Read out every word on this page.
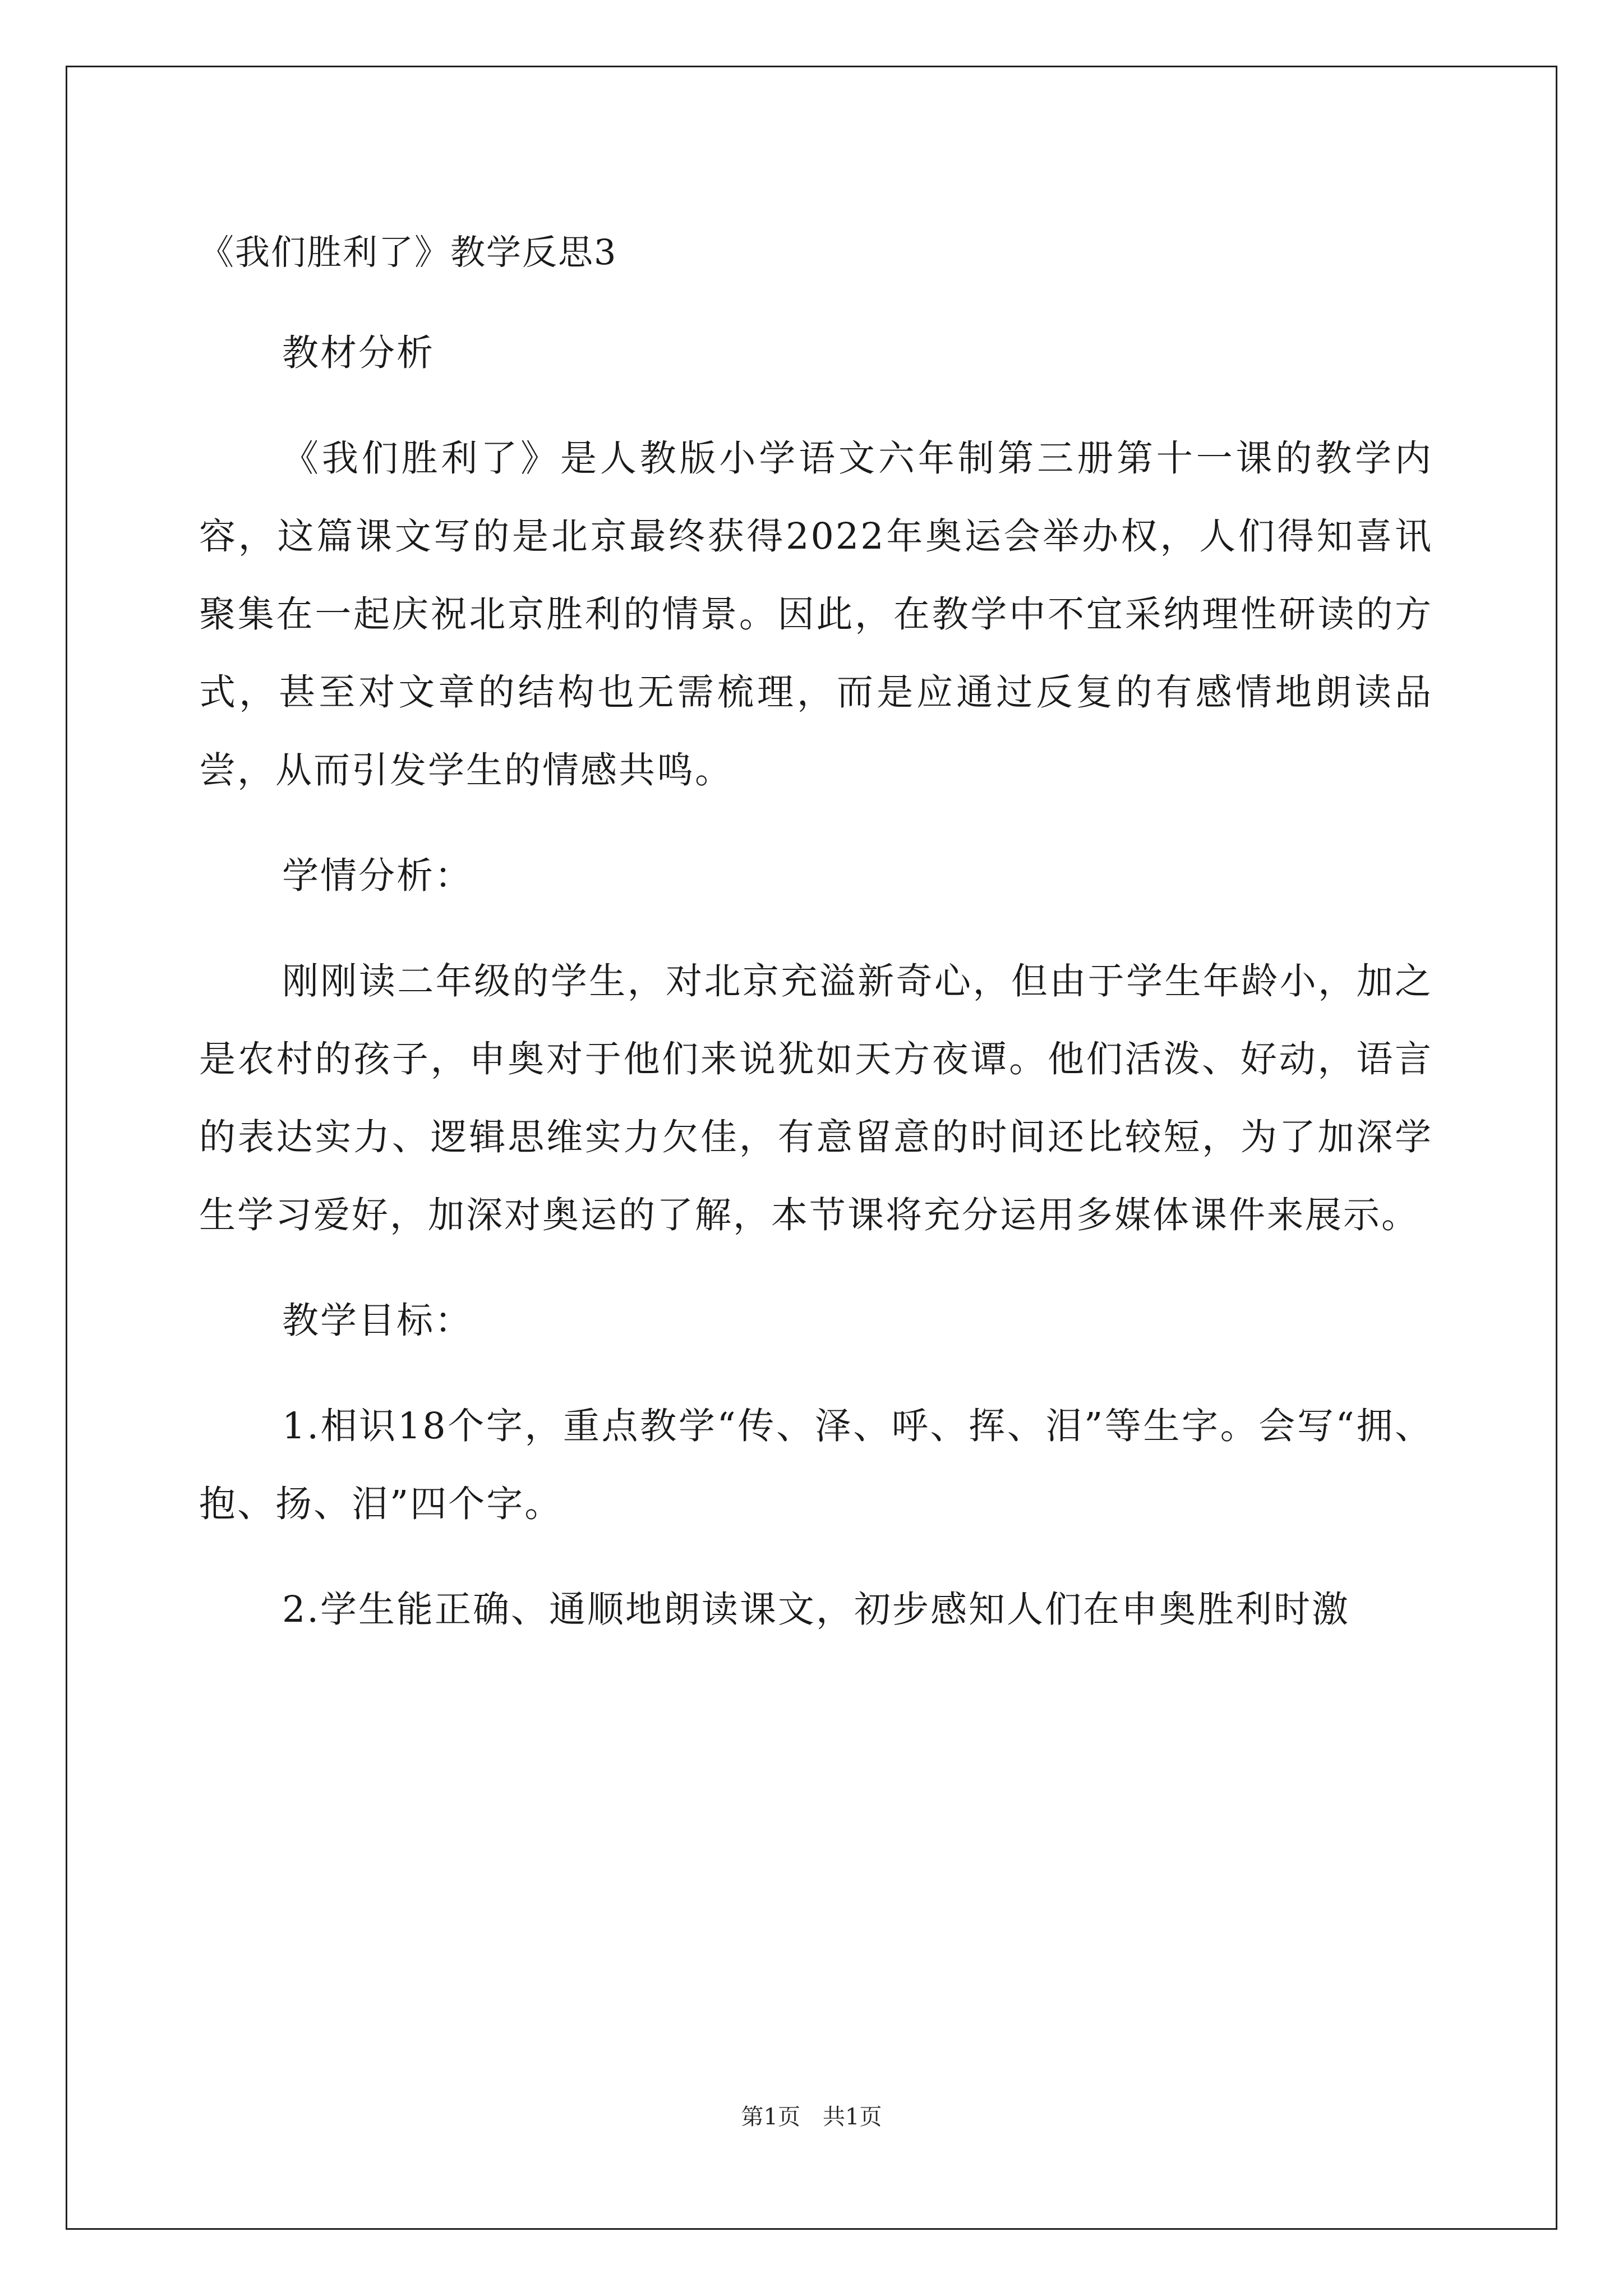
《我们胜利了》教学反思3
教材分析
《我们胜利了》是人教版小学语文六年制第三册第十一课的教学内容，这篇课文写的是北京最终获得2022年奥运会举办权，人们得知喜讯聚集在一起庆祝北京胜利的情景。因此，在教学中不宜采纳理性研读的方式，甚至对文章的结构也无需梳理，而是应通过反复的有感情地朗读品尝，从而引发学生的情感共鸣。
学情分析：
刚刚读二年级的学生，对北京充溢新奇心，但由于学生年龄小，加之是农村的孩子，申奥对于他们来说犹如天方夜谭。他们活泼、好动，语言的表达实力、逻辑思维实力欠佳，有意留意的时间还比较短，为了加深学生学习爱好，加深对奥运的了解，本节课将充分运用多媒体课件来展示。
教学目标：
1.相识18个字，重点教学“传、泽、呼、挥、泪”等生字。会写“拥、抱、扬、泪”四个字。
2.学生能正确、通顺地朗读课文，初步感知人们在申奥胜利时激
第1页　共1页
